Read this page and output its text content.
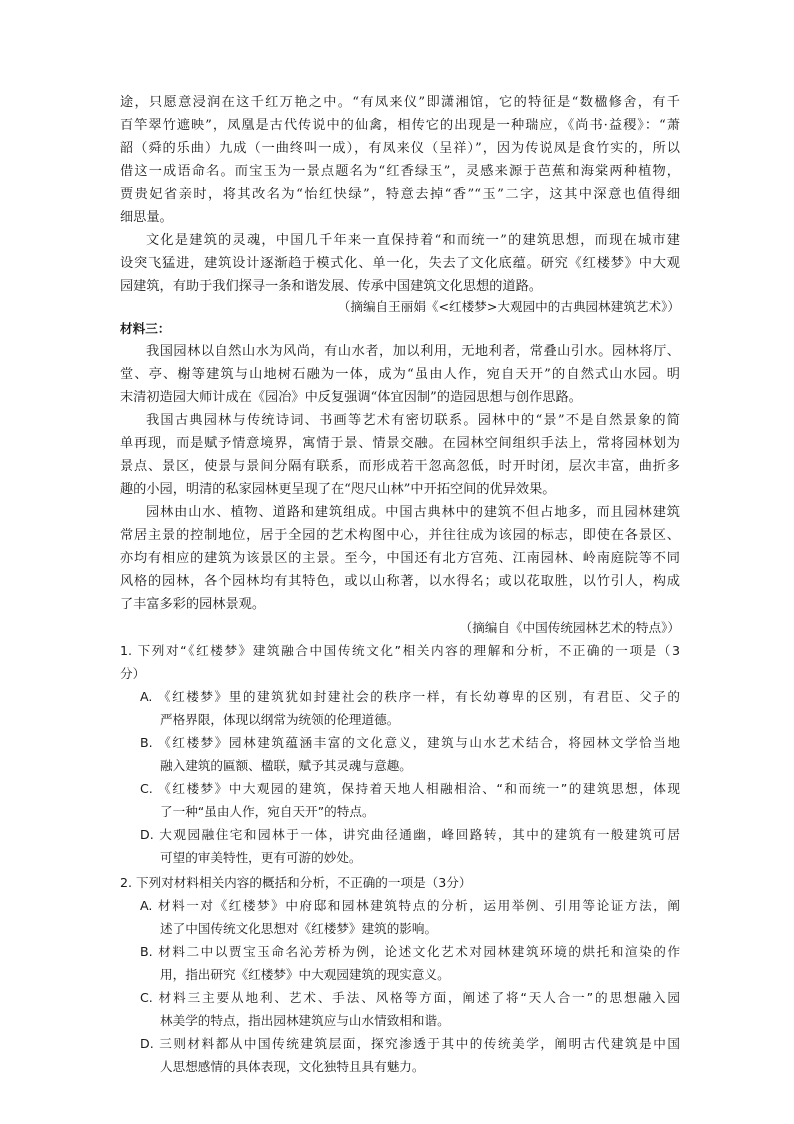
途，只愿意浸润在这千红万艳之中。“有凤来仪”即潇湘馆，它的特征是“数楹修舍，有千
百竿翠竹遮映”，凤凰是古代传说中的仙禽，相传它的出现是一种瑞应，《尚书·益稷》：“萧
韶（舜的乐曲）九成（一曲终叫一成），有凤来仪（呈祥）”，因为传说凤是食竹实的，所以
借这一成语命名。而宝玉为一景点题名为“红香绿玉”，灵感来源于芭蕉和海棠两种植物，
贾贵妃省亲时，将其改名为“怡红快绿”，特意去掉“香”“玉”二字，这其中深意也值得细
细思量。
文化是建筑的灵魂，中国几千年来一直保持着“和而统一”的建筑思想，而现在城市建
设突飞猛进，建筑设计逐渐趋于模式化、单一化，失去了文化底蕴。研究《红楼梦》中大观
园建筑，有助于我们探寻一条和谐发展、传承中国建筑文化思想的道路。
（摘编自王丽娟《<红楼梦>大观园中的古典园林建筑艺术》）
材料三：
我国园林以自然山水为风尚，有山水者，加以利用，无地利者，常叠山引水。园林将厅、
堂、亭、榭等建筑与山地树石融为一体，成为“虽由人作，宛自天开”的自然式山水园。明
末清初造园大师计成在《园冶》中反复强调“体宜因制”的造园思想与创作思路。
我国古典园林与传统诗词、书画等艺术有密切联系。园林中的“景”不是自然景象的简
单再现，而是赋予情意境界，寓情于景、情景交融。在园林空间组织手法上，常将园林划为
景点、景区，使景与景间分隔有联系，而形成若干忽高忽低，时开时闭，层次丰富，曲折多
趣的小园，明清的私家园林更呈现了在“咫尺山林”中开拓空间的优异效果。
园林由山水、植物、道路和建筑组成。中国古典林中的建筑不但占地多，而且园林建筑
常居主景的控制地位，居于全园的艺术构图中心，并往往成为该园的标志，即使在各景区、
亦均有相应的建筑为该景区的主景。至今，中国还有北方宫苑、江南园林、岭南庭院等不同
风格的园林，各个园林均有其特色，或以山称著，以水得名；或以花取胜，以竹引人，构成
了丰富多彩的园林景观。
（摘编自《中国传统园林艺术的特点》）
1. 下列对“《红楼梦》建筑融合中国传统文化”相关内容的理解和分析，不正确的一项是（3
分）
A. 《红楼梦》里的建筑犹如封建社会的秩序一样，有长幼尊卑的区别，有君臣、父子的
严格界限，体现以纲常为统领的伦理道德。
B. 《红楼梦》园林建筑蕴涵丰富的文化意义，建筑与山水艺术结合，将园林文学恰当地
融入建筑的匾额、楹联，赋予其灵魂与意趣。
C. 《红楼梦》中大观园的建筑，保持着天地人相融相洽、“和而统一”的建筑思想，体现
了一种“虽由人作，宛自天开”的特点。
D. 大观园融住宅和园林于一体，讲究曲径通幽，峰回路转，其中的建筑有一般建筑可居
可望的审美特性，更有可游的妙处。
2. 下列对材料相关内容的概括和分析，不正确的一项是（3分）
A. 材料一对《红楼梦》中府邸和园林建筑特点的分析，运用举例、引用等论证方法，阐
述了中国传统文化思想对《红楼梦》建筑的影响。
B. 材料二中以贾宝玉命名沁芳桥为例，论述文化艺术对园林建筑环境的烘托和渲染的作
用，指出研究《红楼梦》中大观园建筑的现实意义。
C. 材料三主要从地利、艺术、手法、风格等方面，阐述了将“天人合一”的思想融入园
林美学的特点，指出园林建筑应与山水情致相和谐。
D. 三则材料都从中国传统建筑层面，探究渗透于其中的传统美学，阐明古代建筑是中国
人思想感情的具体表现，文化独特且具有魅力。
